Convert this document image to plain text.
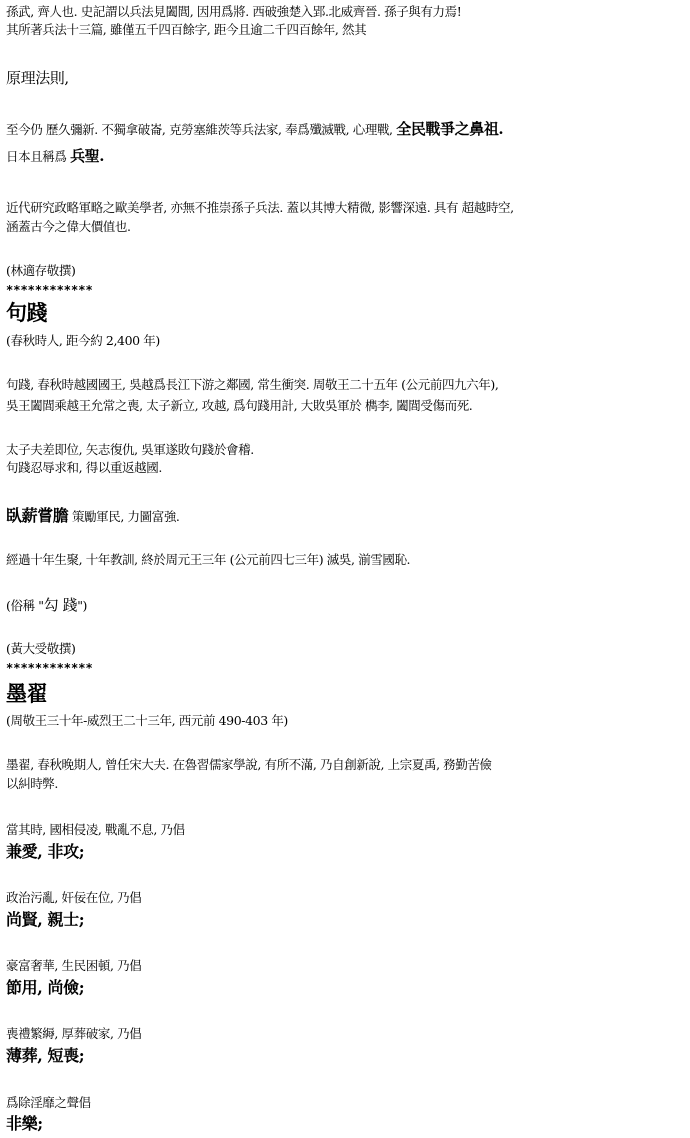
孫武, 齊人也. 史記謂以兵法見闔閭, 因用爲將. 西破強楚入郢.北威齊晉. 孫子與有力焉!
其所著兵法十三篇, 雖僅五千四百餘字, 距今且逾二千四百餘年, 然其
原理法則,
至今仍 歷久彌新. 不獨拿破崙, 克勞塞維茨等兵法家, 奉爲殲滅戰, 心理戰, 全民戰爭之鼻祖.
日本且稱爲 兵聖.
近代研究政略軍略之歐美學者, 亦無不推崇孫子兵法. 蓋以其博大精微, 影響深遠. 具有 超越時空,
涵蓋古今之偉大價值也.
(林適存敬撰)
************
句踐
(春秋時人, 距今約 2,400 年)
句踐, 春秋時越國國王, 吳越爲長江下游之鄰國, 常生衝突. 周敬王二十五年 (公元前四九六年),
吳王闔閭乘越王允常之喪, 太子新立, 攻越, 爲句踐用計, 大敗吳軍於 檇李, 闔閭受傷而死.
太子夫差即位, 矢志復仇, 吳軍遂敗句踐於會稽.
句踐忍辱求和, 得以重返越國.
臥薪嘗膽 策勵軍民, 力圖富強.
經過十年生聚, 十年教訓, 終於周元王三年 (公元前四七三年) 滅吳, 湔雪國恥.
(俗稱 "勾 踐")
(黃大受敬撰)
************
墨翟
(周敬王三十年-威烈王二十三年, 西元前 490-403 年)
墨翟, 春秋晚期人, 曾任宋大夫. 在魯習儒家學說, 有所不滿, 乃自創新說, 上宗夏禹, 務勤苦儉
以糾時弊.
當其時, 國相侵凌, 戰亂不息, 乃倡
兼愛, 非攻;
政治污亂, 奸佞在位, 乃倡
尚賢, 親士;
豪富奢華, 生民困頓, 乃倡
節用, 尚儉;
喪禮繁縟, 厚葬破家, 乃倡
薄葬, 短喪;
爲除淫靡之聲倡
非樂;
